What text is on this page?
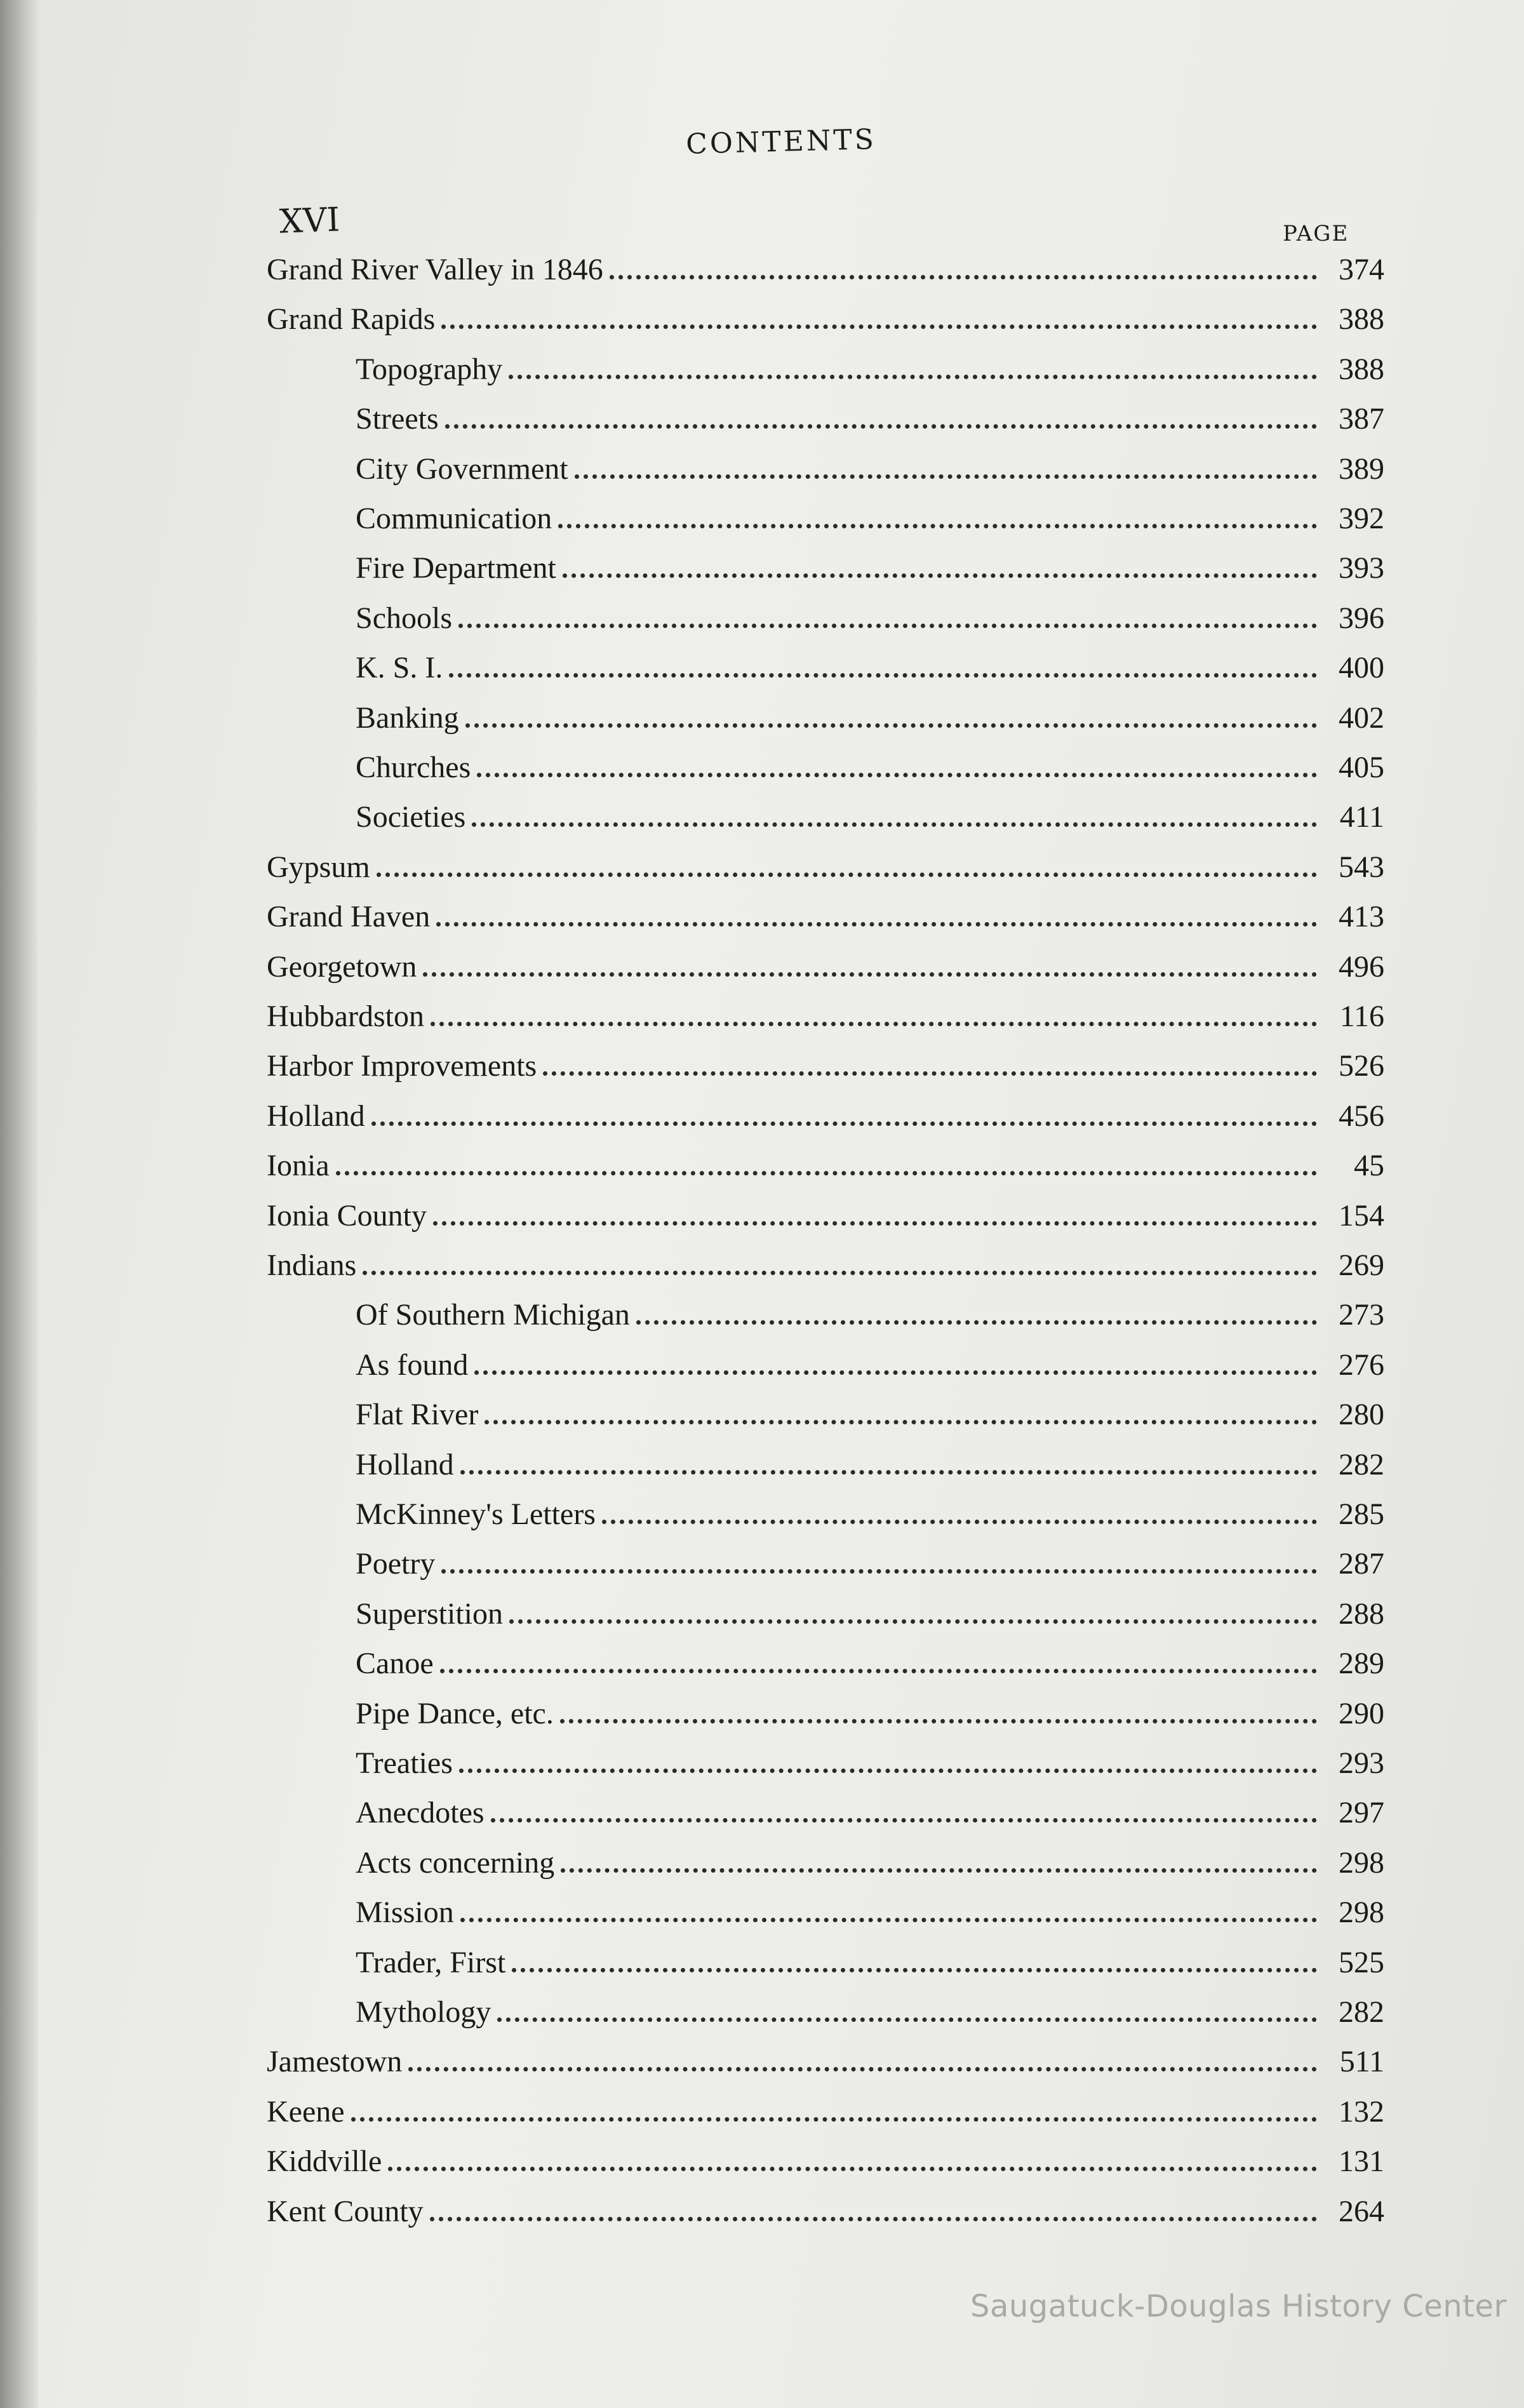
CONTENTS
XVI	PAGE
Grand River Valley in 1846	374
Grand Rapids	388
Topography	388
Streets	387
City Government	389
Communication	392
Fire Department	393
Schools	396
K. S. I.	400
Banking	402
Churches	405
Societies	411
Gypsum	543
Grand Haven	413
Georgetown	496
Hubbardston	116
Harbor Improvements	526
Holland	456
Ionia	45
Ionia County	154
Indians	269
Of Southern Michigan	273
As found	276
Flat River	280
Holland	282
McKinney's Letters	285
Poetry	287
Superstition	288
Canoe	289
Pipe Dance, etc.	290
Treaties	293
Anecdotes	297
Acts concerning	298
Mission	298
Trader, First	525
Mythology	282
Jamestown	511
Keene	132
Kiddville	131
Kent County	264
Saugatuck-Douglas History Center
